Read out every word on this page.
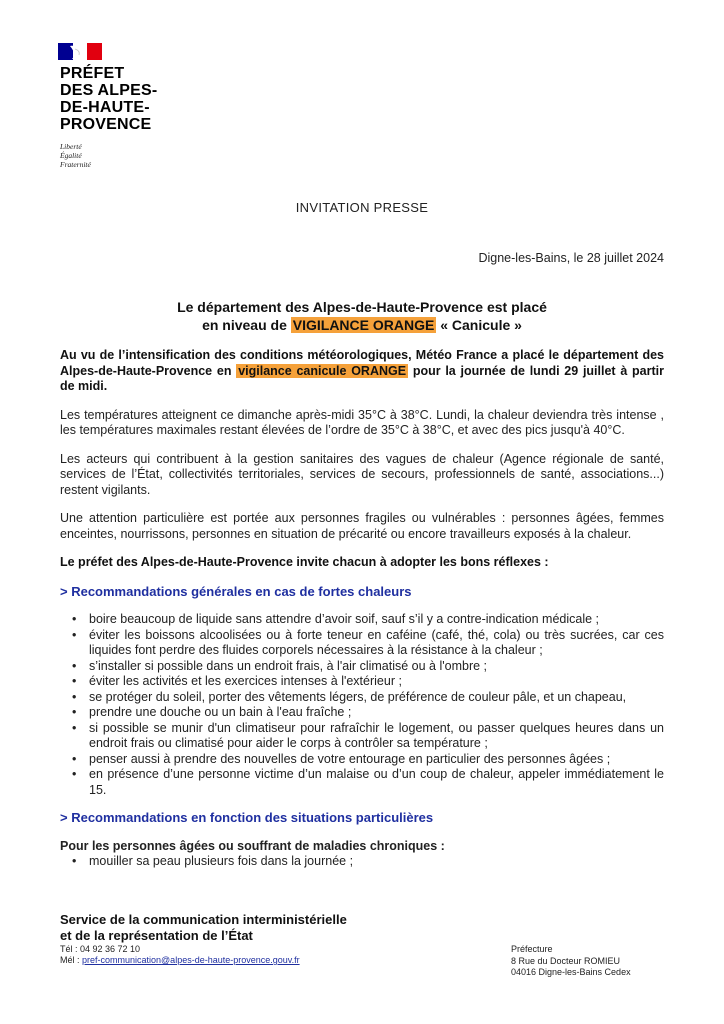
PRÉFET
DES ALPES-
DE-HAUTE-
PROVENCE
Liberté
Égalité
Fraternité
INVITATION PRESSE
Digne-les-Bains, le 28 juillet 2024
Le département des Alpes-de-Haute-Provence est placé
en niveau de VIGILANCE ORANGE « Canicule »

Au vu de l’intensification des conditions météorologiques, Météo France a placé le département des Alpes-de-Haute-Provence en vigilance canicule ORANGE pour la journée de lundi 29 juillet à partir de midi.

Les températures atteignent ce dimanche après-midi 35°C à 38°C. Lundi, la chaleur deviendra très intense , les températures maximales restant élevées de l’ordre de 35°C à 38°C, et avec des pics jusqu'à 40°C.

Les acteurs qui contribuent à la gestion sanitaires des vagues de chaleur (Agence régionale de santé, services de l’État, collectivités territoriales, services de secours, professionnels de santé, associations...) restent vigilants.

Une attention particulière est portée aux personnes fragiles ou vulnérables : personnes âgées, femmes enceintes, nourrissons, personnes en situation de précarité ou encore travailleurs exposés à la chaleur.

Le préfet des Alpes-de-Haute-Provence invite chacun à adopter les bons réflexes :

> Recommandations générales en cas de fortes chaleurs
• boire beaucoup de liquide sans attendre d’avoir soif, sauf s’il y a contre-indication médicale ;
• éviter les boissons alcoolisées ou à forte teneur en caféine (café, thé, cola) ou très sucrées, car ces liquides font perdre des fluides corporels nécessaires à la résistance à la chaleur ;
• s’installer si possible dans un endroit frais, à l'air climatisé ou à l'ombre ;
• éviter les activités et les exercices intenses à l'extérieur ;
• se protéger du soleil, porter des vêtements légers, de préférence de couleur pâle, et un chapeau,
• prendre une douche ou un bain à l'eau fraîche ;
• si possible se munir d'un climatiseur pour rafraîchir le logement, ou passer quelques heures dans un endroit frais ou climatisé pour aider le corps à contrôler sa température ;
• penser aussi à prendre des nouvelles de votre entourage en particulier des personnes âgées ;
• en présence d’une personne victime d’un malaise ou d’un coup de chaleur, appeler immédiatement le 15.
> Recommandations en fonction des situations particulières
Pour les personnes âgées ou souffrant de maladies chroniques :
• mouiller sa peau plusieurs fois dans la journée ;
Service de la communication interministérielle
et de la représentation de l’État
Tél : 04 92 36 72 10
Mél : pref-communication@alpes-de-haute-provence.gouv.fr
Préfecture
8 Rue du Docteur ROMIEU
04016 Digne-les-Bains Cedex
